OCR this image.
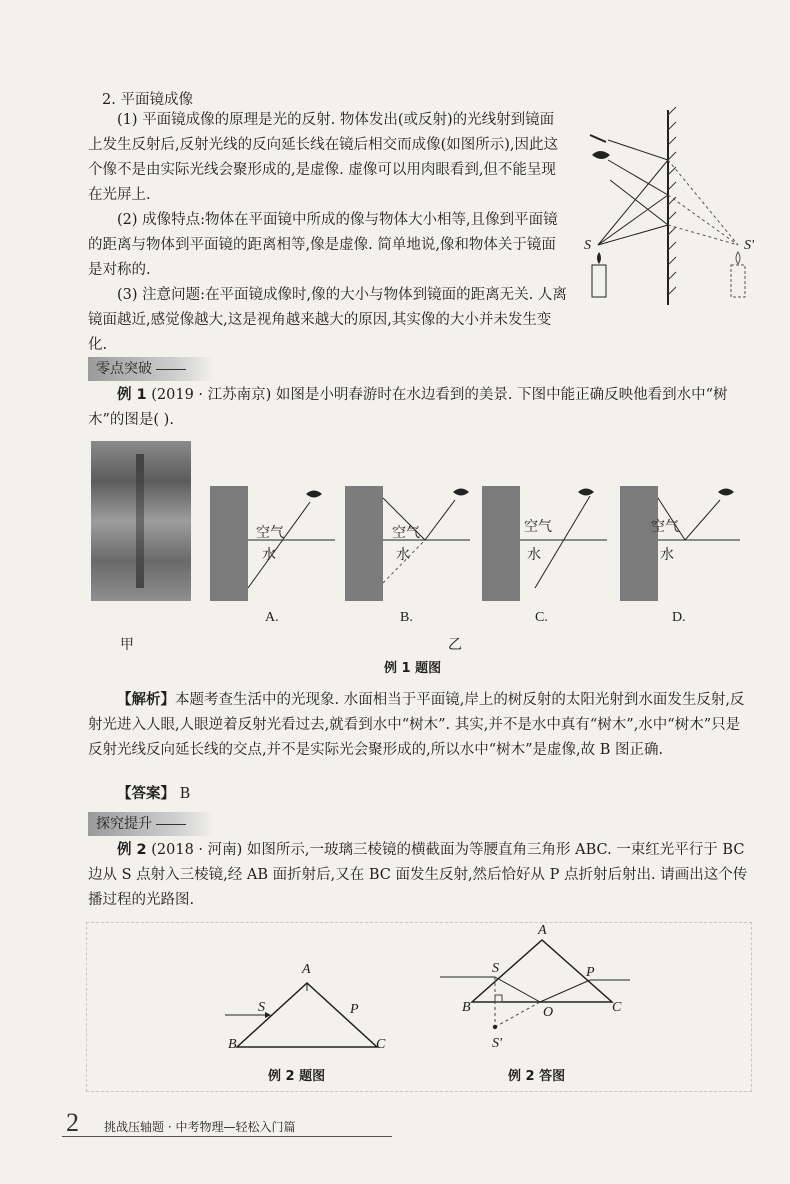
2. 平面镜成像

(1) 平面镜成像的原理是光的反射. 物体发出(或反射)的光线射到镜面上发生反射后,反射光线的反向延长线在镜后相交而成像(如图所示),因此这个像不是由实际光线会聚形成的,是虚像. 虚像可以用肉眼看到,但不能呈现在光屏上.

(2) 成像特点:物体在平面镜中所成的像与物体大小相等,且像到平面镜的距离与物体到平面镜的距离相等,像是虚像. 简单地说,像和物体关于镜面是对称的.

(3) 注意问题:在平面镜成像时,像的大小与物体到镜面的距离无关. 人离镜面越近,感觉像越大,这是视角越来越大的原因,其实像的大小并未发生变化.

S	S'
零点突破

例 1 (2019 · 江苏南京) 如图是小明春游时在水边看到的美景. 下图中能正确反映他看到水中“树木”的图是( ).

甲	乙
空气
水
空气
水
空气
水
空气
水
A.	B.	C.	D.
例 1 题图

【解析】本题考查生活中的光现象. 水面相当于平面镜,岸上的树反射的太阳光射到水面发生反射,反射光进入人眼,人眼逆着反射光看过去,就看到水中“树木”. 其实,并不是水中真有“树木”,水中“树木”只是反射光线反向延长线的交点,并不是实际光会聚形成的,所以水中“树木”是虚像,故 B 图正确.

【答案】 B

探究提升

例 2 (2018 · 河南) 如图所示,一玻璃三棱镜的横截面为等腰直角三角形 ABC. 一束红光平行于 BC 边从 S 点射入三棱镜,经 AB 面折射后,又在 BC 面发生反射,然后恰好从 P 点折射后射出. 请画出这个传播过程的光路图.

A
B	C
S	P
例 2 题图
A
B	C
S	P
O
S'
例 2 答图
2 挑战压轴题 · 中考物理—轻松入门篇
